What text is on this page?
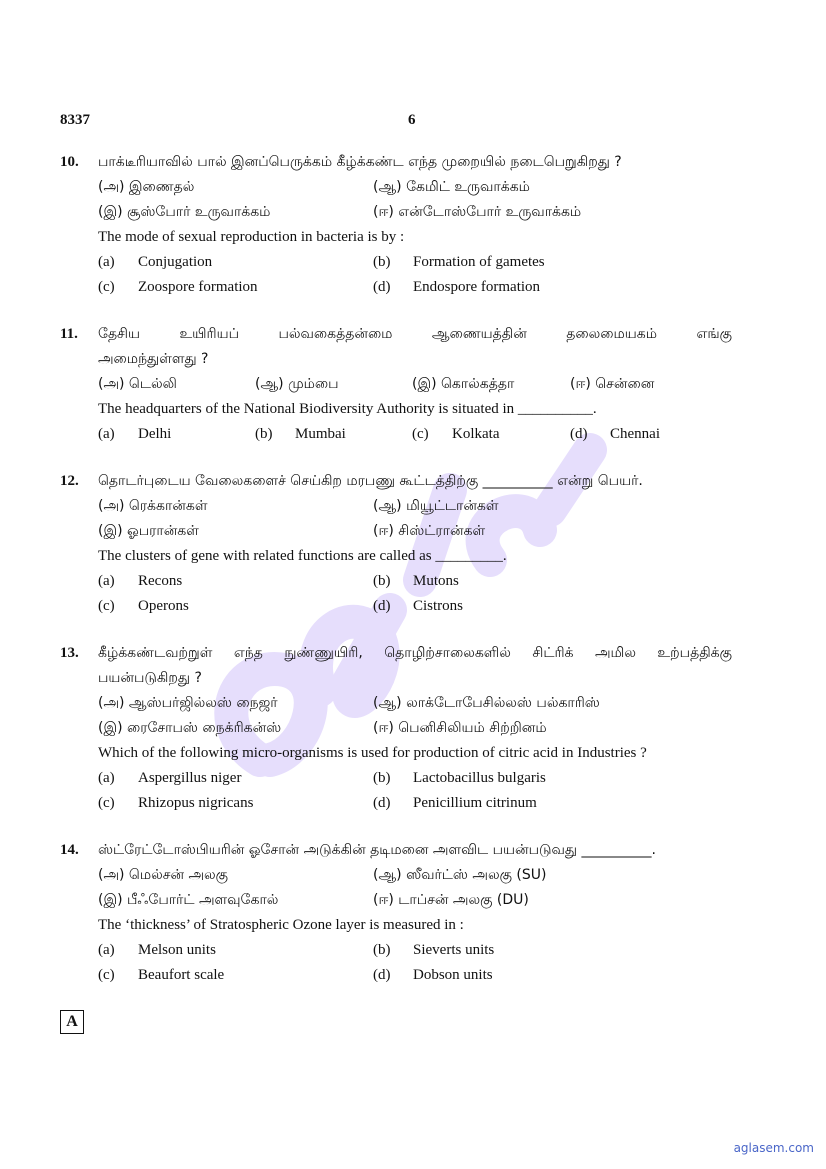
8337	6
10.	பாக்டீரியாவில் பால் இனப்பெருக்கம் கீழ்க்கண்ட எந்த முறையில் நடைபெறுகிறது ?
(அ) இணைதல்	(ஆ) கேமிட் உருவாக்கம்
(இ) சூஸ்போர் உருவாக்கம்	(ஈ) என்டோஸ்போர் உருவாக்கம்
The mode of sexual reproduction in bacteria is by :
(a)	Conjugation	(b)	Formation of gametes
(c)	Zoospore formation	(d)	Endospore formation
11.	தேசிய உயிரியப் பல்வகைத்தன்மை ஆணையத்தின் தலைமையகம் எங்கு
அமைந்துள்ளது ?
(அ) டெல்லி	(ஆ) மும்பை	(இ) கொல்கத்தா	(ஈ) சென்னை
The headquarters of the National Biodiversity Authority is situated in __________.
(a)	Delhi	(b)	Mumbai	(c)	Kolkata	(d)	Chennai
12.	தொடர்புடைய வேலைகளைச் செய்கிற மரபணு கூட்டத்திற்கு __________ என்று பெயர்.
(அ) ரெக்கான்கள்	(ஆ) மியூட்டான்கள்
(இ) ஓபரான்கள்	(ஈ) சிஸ்ட்ரான்கள்
The clusters of gene with related functions are called as _________.
(a)	Recons	(b)	Mutons
(c)	Operons	(d)	Cistrons
13.	கீழ்க்கண்டவற்றுள் எந்த நுண்ணுயிரி, தொழிற்சாலைகளில் சிட்ரிக் அமில உற்பத்திக்கு
பயன்படுகிறது ?
(அ) ஆஸ்பர்ஜில்லஸ் நைஜர்	(ஆ) லாக்டோபேசில்லஸ் பல்காரிஸ்
(இ) ரைசோபஸ் நைக்ரிகன்ஸ்	(ஈ) பெனிசிலியம் சிற்றினம்
Which of the following micro-organisms is used for production of citric acid in Industries ?
(a)	Aspergillus niger	(b)	Lactobacillus bulgaris
(c)	Rhizopus nigricans	(d)	Penicillium citrinum
14.	ஸ்ட்ரேட்டோஸ்பியரின் ஓசோன் அடுக்கின் தடிமனை அளவிட பயன்படுவது __________.
(அ) மெல்சன் அலகு	(ஆ) ஸீவர்ட்ஸ் அலகு (SU)
(இ) பீஃபோர்ட் அளவுகோல்	(ஈ) டாப்சன் அலகு (DU)
The ‘thickness’ of Stratospheric Ozone layer is measured in :
(a)	Melson units	(b)	Sieverts units
(c)	Beaufort scale	(d)	Dobson units
A
aglasem.com
